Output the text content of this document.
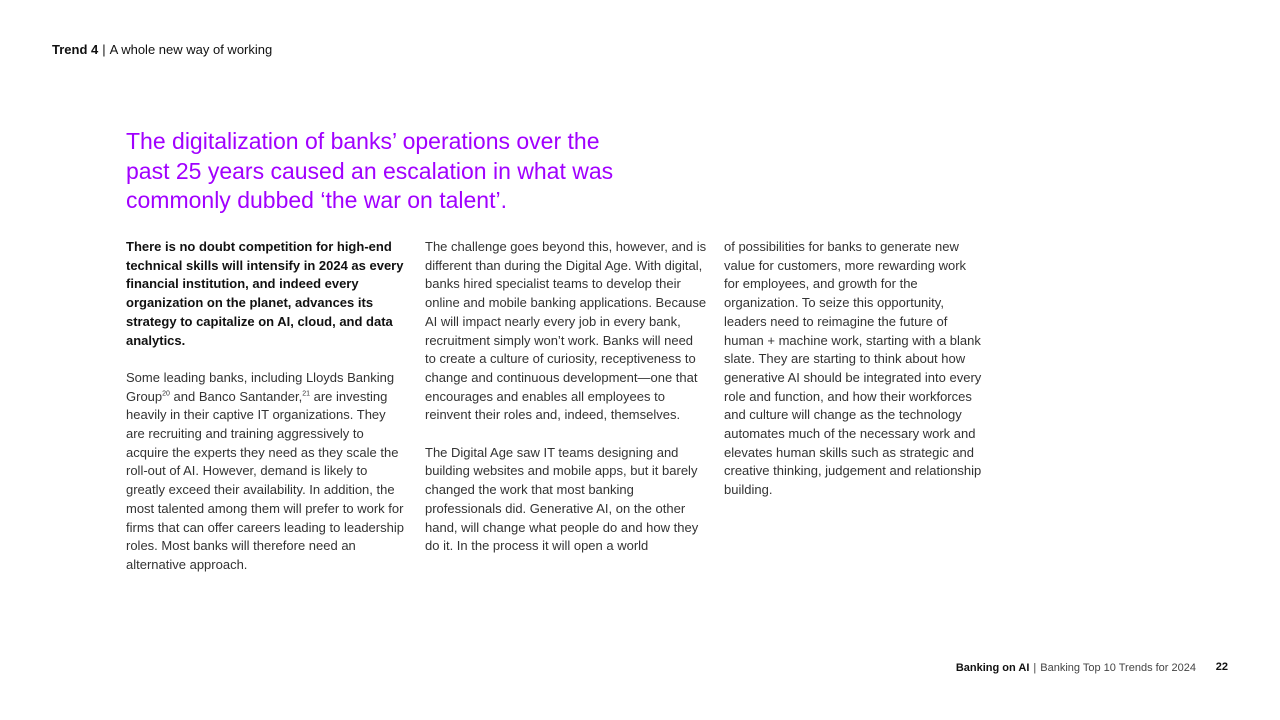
Trend 4 | A whole new way of working
The digitalization of banks’ operations over the past 25 years caused an escalation in what was commonly dubbed ‘the war on talent’.

There is no doubt competition for high-end technical skills will intensify in 2024 as every financial institution, and indeed every organization on the planet, advances its strategy to capitalize on AI, cloud, and data analytics.

Some leading banks, including Lloyds Banking Group$^{20}$ and Banco Santander,$^{21}$ are investing heavily in their captive IT organizations. They are recruiting and training aggressively to acquire the experts they need as they scale the roll-out of AI. However, demand is likely to greatly exceed their availability. In addition, the most talented among them will prefer to work for firms that can offer careers leading to leadership roles. Most banks will therefore need an alternative approach.

The challenge goes beyond this, however, and is different than during the Digital Age. With digital, banks hired specialist teams to develop their online and mobile banking applications. Because AI will impact nearly every job in every bank, recruitment simply won’t work. Banks will need to create a culture of curiosity, receptiveness to change and continuous development—one that encourages and enables all employees to reinvent their roles and, indeed, themselves.

The Digital Age saw IT teams designing and building websites and mobile apps, but it barely changed the work that most banking professionals did. Generative AI, on the other hand, will change what people do and how they do it. In the process it will open a world

of possibilities for banks to generate new value for customers, more rewarding work for employees, and growth for the organization. To seize this opportunity, leaders need to reimagine the future of human + machine work, starting with a blank slate. They are starting to think about how generative AI should be integrated into every role and function, and how their workforces and culture will change as the technology automates much of the necessary work and elevates human skills such as strategic and creative thinking, judgement and relationship building.

Banking on AI | Banking Top 10 Trends for 2024 22
